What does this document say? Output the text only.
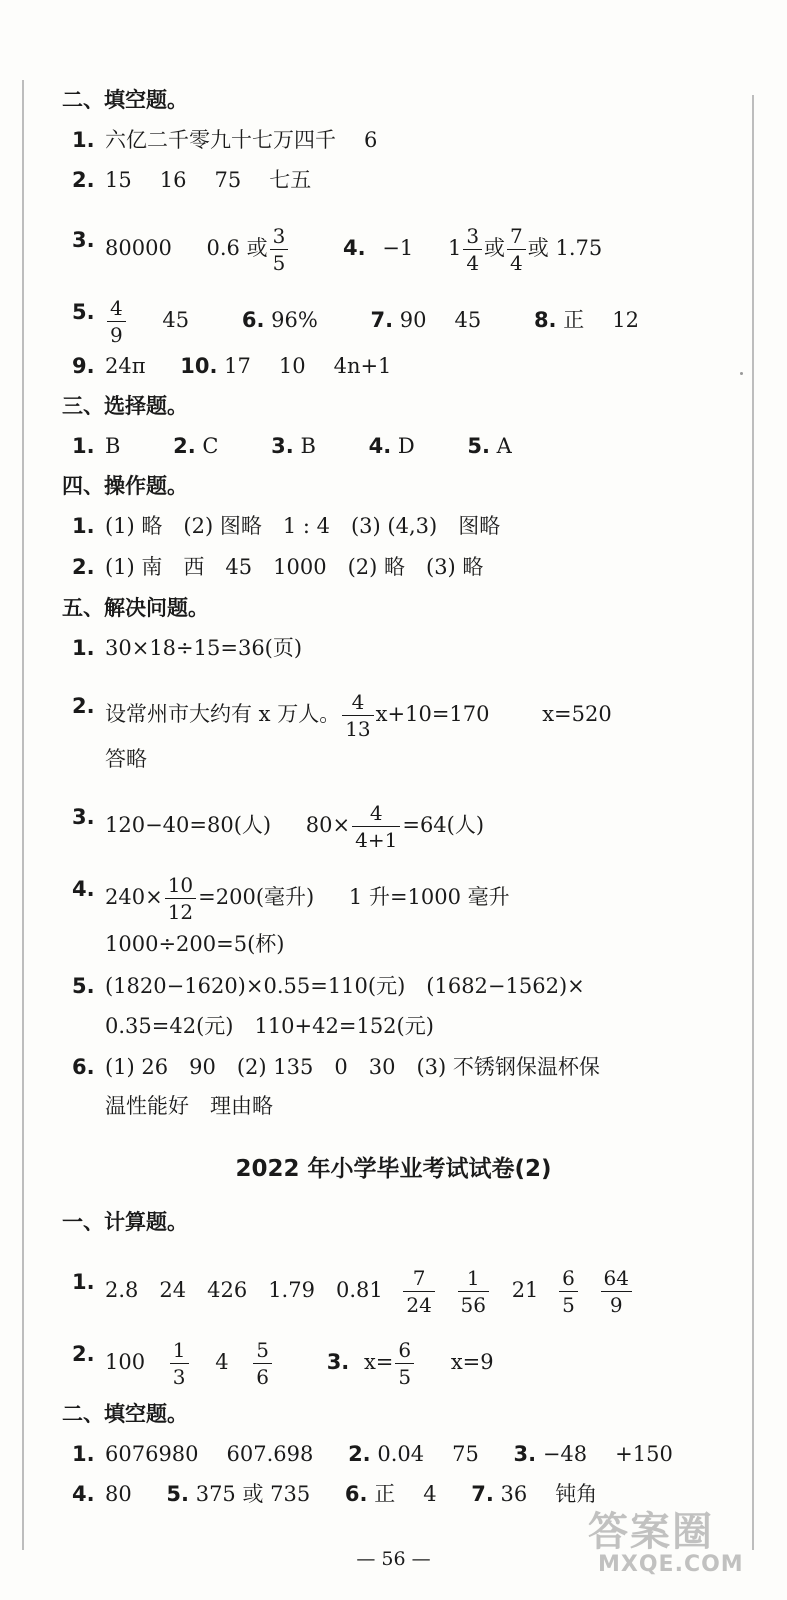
二、填空题。
1. 六亿二千零九十七万四千 6
2. 15 16 75 七五
3. 80000 0.6 或 $\frac{3}{5}$	4. −1 $1 \frac{3}{4}$ 或 $\frac{7}{4}$ 或 1.75
5. $\frac{4}{9} 45$	6. 96%	7. 90 45	8. 正 12
9. 24π 10. 17 10 4n+1
三、选择题。
1. B	2. C	3. B	4. D	5. A
四、操作题。
1. (1) 略　(2) 图略　1 : 4　(3) (4,3)　图略
2. (1) 南　西　45　1000　(2) 略　(3) 略
五、解决问题。
1. 30×18÷15=36(页)
2. 设常州市大约有 x 万人。 $\frac{4}{13} x+10=170$	x=520
答略
3. 120−40=80(人) $80\times \frac{4}{4+1} =64$(人)
4. $240\times \frac{10}{12} =200$(毫升) 1 升=1000 毫升
1000÷200=5(杯)
5. (1820−1620)×0.55=110(元)　(1682−1562)×
0.35=42(元)　110+42=152(元)
6. (1) 26　90　(2) 135　0　30　(3) 不锈钢保温杯保
温性能好　理由略
2022 年小学毕业考试试卷(2)
一、计算题。
1. 2.8　24　426　1.79　$0.81 \frac{7}{24}$
$\frac{1}{56} 21 \frac{6}{5}$
$\frac{64}{9}$
2. $100 \frac{1}{3} 4 \frac{5}{6}$	3. $x= \frac{6}{5} x=9$
二、填空题。
1. 6076980 607.698 2. 0.04 75 3. −48 +150
4. 80 5. 375 或 735 6. 正 4 7. 36 钝角
— 56 —
答案圈
MXQE.COM
